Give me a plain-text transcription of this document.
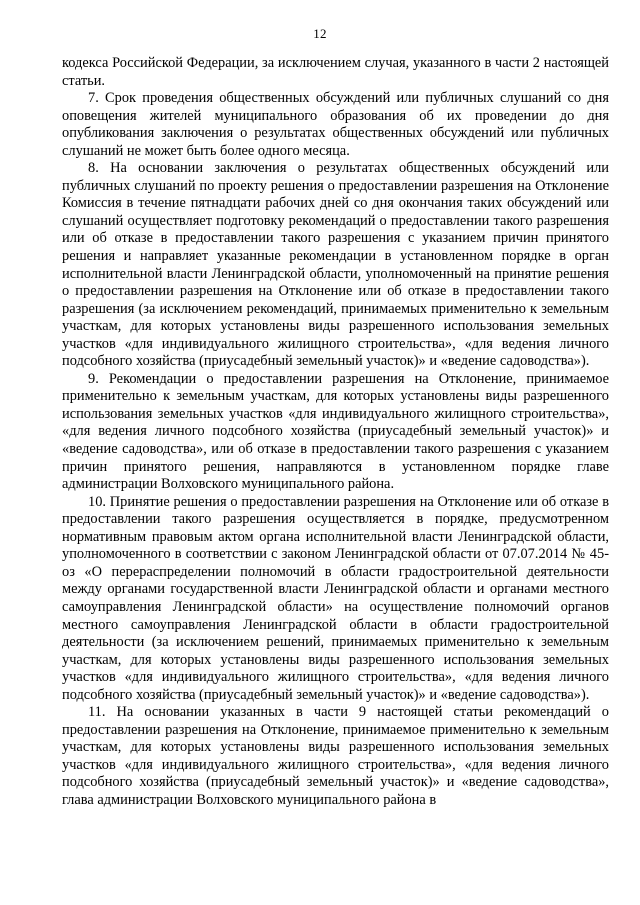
12

кодекса Российской Федерации, за исключением случая, указанного в части 2 настоящей статьи.

7. Срок проведения общественных обсуждений или публичных слушаний со дня оповещения жителей муниципального образования об их проведении до дня опубликования заключения о результатах общественных обсуждений или публичных слушаний не может быть более одного месяца.

8. На основании заключения о результатах общественных обсуждений или публичных слушаний по проекту решения о предоставлении разрешения на Отклонение Комиссия в течение пятнадцати рабочих дней со дня окончания таких обсуждений или слушаний осуществляет подготовку рекомендаций о предоставлении такого разрешения или об отказе в предоставлении такого разрешения с указанием причин принятого решения и направляет указанные рекомендации в установленном порядке в орган исполнительной власти Ленинградской области, уполномоченный на принятие решения о предоставлении разрешения на Отклонение или об отказе в предоставлении такого разрешения (за исключением рекомендаций, принимаемых применительно к земельным участкам, для которых установлены виды разрешенного использования земельных участков «для индивидуального жилищного строительства», «для ведения личного подсобного хозяйства (приусадебный земельный участок)» и «ведение садоводства»).

9. Рекомендации о предоставлении разрешения на Отклонение, принимаемое применительно к земельным участкам, для которых установлены виды разрешенного использования земельных участков «для индивидуального жилищного строительства», «для ведения личного подсобного хозяйства (приусадебный земельный участок)» и «ведение садоводства», или об отказе в предоставлении такого разрешения с указанием причин принятого решения, направляются в установленном порядке главе администрации Волховского муниципального района.

10. Принятие решения о предоставлении разрешения на Отклонение или об отказе в предоставлении такого разрешения осуществляется в порядке, предусмотренном нормативным правовым актом органа исполнительной власти Ленинградской области, уполномоченного в соответствии с законом Ленинградской области от 07.07.2014 № 45-оз «О перераспределении полномочий в области градостроительной деятельности между органами государственной власти Ленинградской области и органами местного самоуправления Ленинградской области» на осуществление полномочий органов местного самоуправления Ленинградской области в области градостроительной деятельности (за исключением решений, принимаемых применительно к земельным участкам, для которых установлены виды разрешенного использования земельных участков «для индивидуального жилищного строительства», «для ведения личного подсобного хозяйства (приусадебный земельный участок)» и «ведение садоводства»).

11. На основании указанных в части 9 настоящей статьи рекомендаций о предоставлении разрешения на Отклонение, принимаемое применительно к земельным участкам, для которых установлены виды разрешенного использования земельных участков «для индивидуального жилищного строительства», «для ведения личного подсобного хозяйства (приусадебный земельный участок)» и «ведение садоводства», глава администрации Волховского муниципального района в
